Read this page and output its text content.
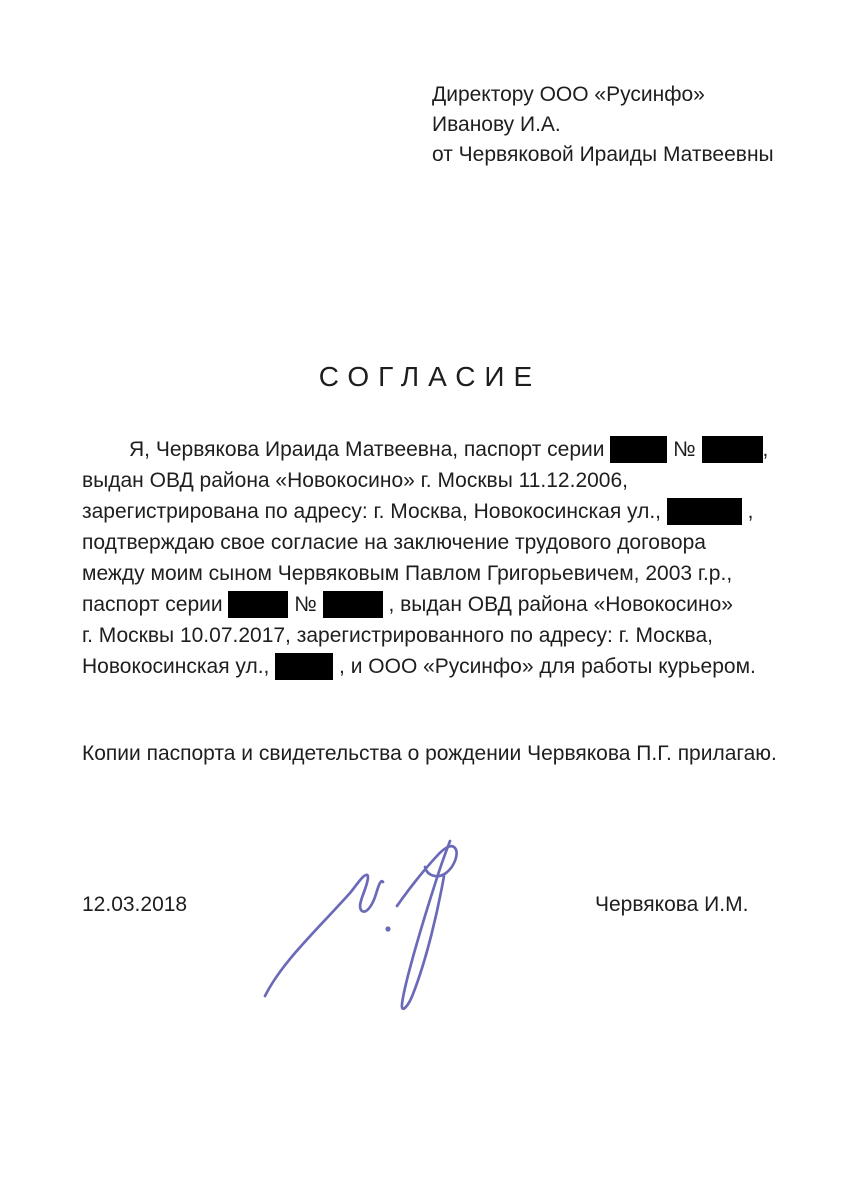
Директору ООО «Русинфо»
Иванову И.А.
от Червяковой Ираиды Матвеевны
СОГЛАСИЕ
Я, Червякова Ираида Матвеевна, паспорт серии	№	,
выдан ОВД района «Новокосино» г. Москвы 11.12.2006,
зарегистрирована по адресу: г. Москва, Новокосинская ул.,	,
подтверждаю свое согласие на заключение трудового договора
между моим сыном Червяковым Павлом Григорьевичем, 2003 г.р.,
паспорт серии	№	, выдан ОВД района «Новокосино»
г. Москвы 10.07.2017, зарегистрированного по адресу: г. Москва,
Новокосинская ул.,	, и ООО «Русинфо» для работы курьером.
Копии паспорта и свидетельства о рождении Червякова П.Г. прилагаю.
12.03.2018	Червякова И.М.
